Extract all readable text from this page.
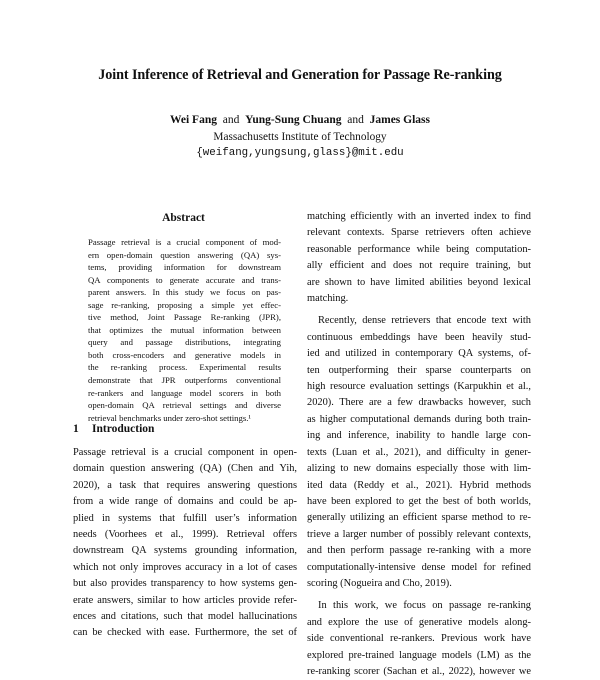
Joint Inference of Retrieval and Generation for Passage Re-ranking
Wei Fang and Yung-Sung Chuang and James Glass
Massachusetts Institute of Technology
{weifang,yungsung,glass}@mit.edu
Abstract
Passage retrieval is a crucial component of mod-
ern open-domain question answering (QA) sys-
tems, providing information for downstream
QA components to generate accurate and trans-
parent answers. In this study we focus on pas-
sage re-ranking, proposing a simple yet effec-
tive method, Joint Passage Re-ranking (JPR),
that optimizes the mutual information between
query and passage distributions, integrating
both cross-encoders and generative models in
the re-ranking process. Experimental results
demonstrate that JPR outperforms conventional
re-rankers and language model scorers in both
open-domain QA retrieval settings and diverse
retrieval benchmarks under zero-shot settings.¹
1 Introduction
Passage retrieval is a crucial component in open-
domain question answering (QA) (Chen and Yih,
2020), a task that requires answering questions
from a wide range of domains and could be ap-
plied in systems that fulfill user’s information
needs (Voorhees et al., 1999). Retrieval offers
downstream QA systems grounding information,
which not only improves accuracy in a lot of cases
but also provides transparency to how systems gen-
erate answers, similar to how articles provide refer-
ences and citations, such that model hallucinations
can be checked with ease. Furthermore, the set of
matching efficiently with an inverted index to find
relevant contexts. Sparse retrievers often achieve
reasonable performance while being computation-
ally efficient and does not require training, but
are shown to have limited abilities beyond lexical
matching.
Recently, dense retrievers that encode text with
continuous embeddings have been heavily stud-
ied and utilized in contemporary QA systems, of-
ten outperforming their sparse counterparts on
high resource evaluation settings (Karpukhin et al.,
2020). There are a few drawbacks however, such
as higher computational demands during both train-
ing and inference, inability to handle large con-
texts (Luan et al., 2021), and difficulty in gener-
alizing to new domains especially those with lim-
ited data (Reddy et al., 2021). Hybrid methods
have been explored to get the best of both worlds,
generally utilizing an efficient sparse method to re-
trieve a larger number of possibly relevant contexts,
and then perform passage re-ranking with a more
computationally-intensive dense model for refined
scoring (Nogueira and Cho, 2019).
In this work, we focus on passage re-ranking
and explore the use of generative models along-
side conventional re-rankers. Previous work have
explored pre-trained language models (LM) as the
re-ranking scorer (Sachan et al., 2022), however we
